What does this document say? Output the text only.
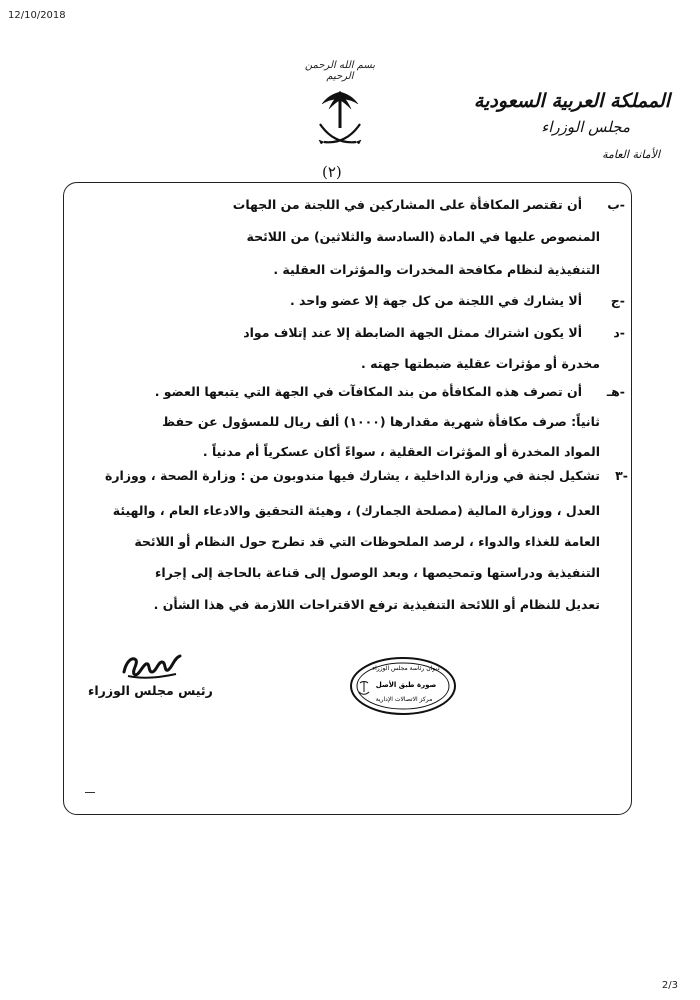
12/10/2018
بسم الله الرحمن الرحيم
المملكة العربية السعودية
مجلس الوزراء
الأمانة العامة
(٢)
ب-
أن تقتصر المكافأة على المشاركين في اللجنة من الجهات
المنصوص عليها في المادة (السادسة والثلاثين) من اللائحة
التنفيذية لنظام مكافحة المخدرات والمؤثرات العقلية .
ج-
ألا يشارك في اللجنة من كل جهة إلا عضو واحد .
د-
ألا يكون اشتراك ممثل الجهة الضابطة إلا عند إتلاف مواد
مخدرة أو مؤثرات عقلية ضبطتها جهته .
هـ-
أن تصرف هذه المكافأة من بند المكافآت في الجهة التي يتبعها العضو .
ثانياً: صرف مكافأة شهرية مقدارها (١٠٠٠) ألف ريال للمسؤول عن حفظ
المواد المخدرة أو المؤثرات العقلية ، سواءً أكان عسكرياً أم مدنياً .
٣-
تشكيل لجنة في وزارة الداخلية ، يشارك فيها مندوبون من : وزارة الصحة ، ووزارة
العدل ، ووزارة المالية (مصلحة الجمارك) ، وهيئة التحقيق والادعاء العام ، والهيئة
العامة للغذاء والدواء ، لرصد الملحوظات التي قد تطرح حول النظام أو اللائحة
التنفيذية ودراستها وتمحيصها ، وبعد الوصول إلى قناعة بالحاجة إلى إجراء
تعديل للنظام أو اللائحة التنفيذية ترفع الاقتراحات اللازمة في هذا الشأن .
ديوان رئاسة مجلس الوزراء
صورة طبق الأصل
مركز الاتصالات الإدارية
رئيس مجلس الوزراء
2/3
